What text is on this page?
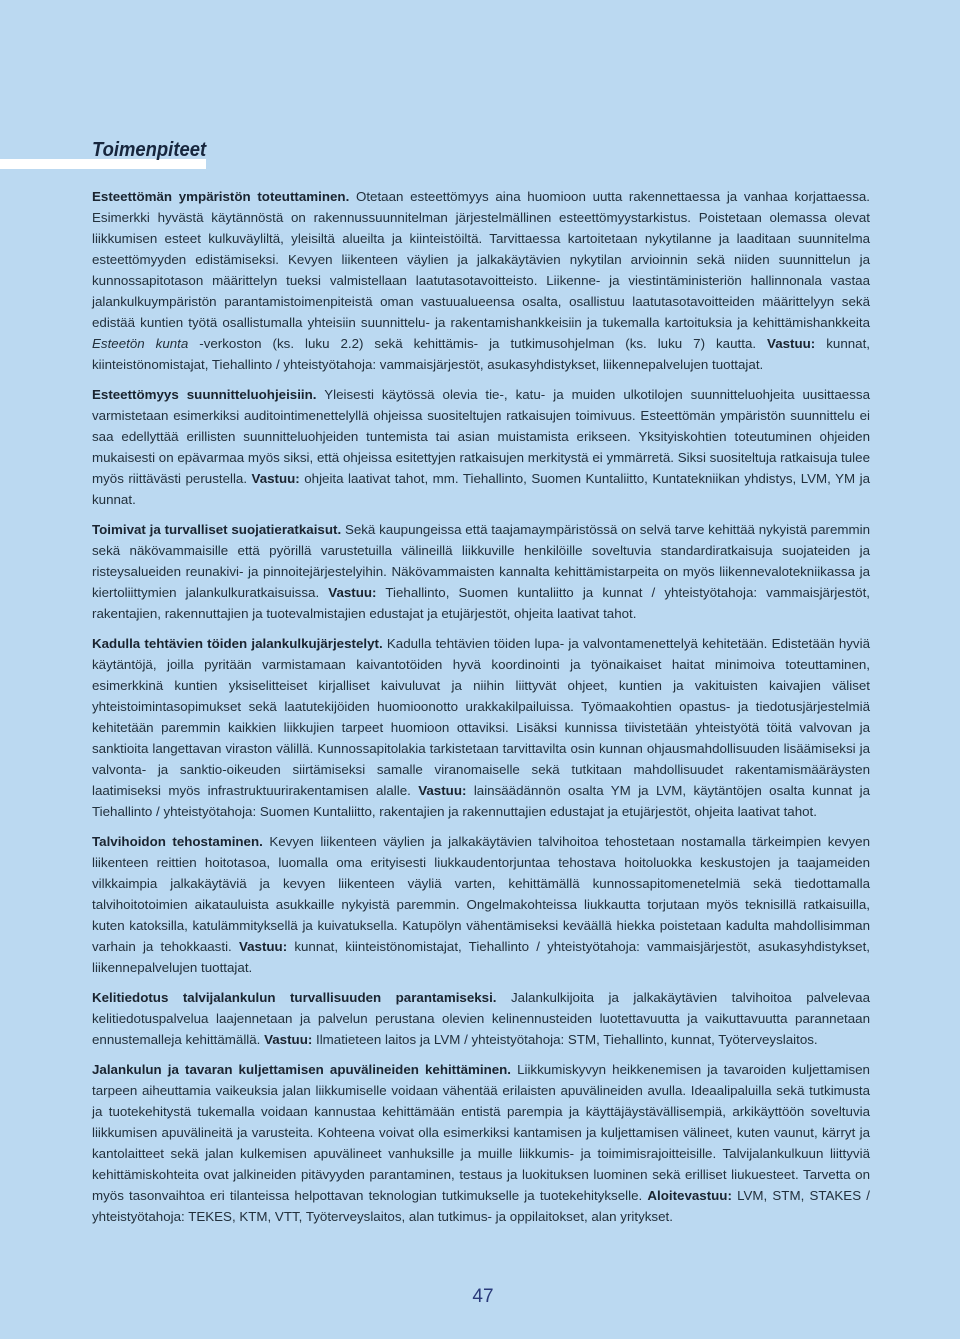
Toimenpiteet

Esteettömän ympäristön toteuttaminen. Otetaan esteettömyys aina huomioon uutta rakennettaessa ja vanhaa korjattaessa. Esimerkki hyvästä käytännöstä on rakennussuunnitelman järjestelmällinen esteettömyystarkistus. Poistetaan olemassa olevat liikkumisen esteet kulkuväyliltä, yleisiltä alueilta ja kiinteistöiltä. Tarvittaessa kartoitetaan nykytilanne ja laaditaan suunnitelma esteettömyyden edistämiseksi. Kevyen liikenteen väylien ja jalkakäytävien nykytilan arvioinnin sekä niiden suunnittelun ja kunnossapitotason määrittelyn tueksi valmistellaan laatutasotavoitteisto. Liikenne- ja viestintäministeriön hallinnonala vastaa jalankulkuympäristön parantamistoimenpiteistä oman vastuualueensa osalta, osallistuu laatutasotavoitteiden määrittelyyn sekä edistää kuntien työtä osallistumalla yhteisiin suunnittelu- ja rakentamishankkeisiin ja tukemalla kartoituksia ja kehittämishankkeita Esteetön kunta -verkoston (ks. luku 2.2) sekä kehittämis- ja tutkimusohjelman (ks. luku 7) kautta. Vastuu: kunnat, kiinteistönomistajat, Tiehallinto / yhteistyötahoja: vammaisjärjestöt, asukasyhdistykset, liikennepalvelujen tuottajat.

Esteettömyys suunnitteluohjeisiin. Yleisesti käytössä olevia tie-, katu- ja muiden ulkotilojen suunnitteluohjeita uusittaessa varmistetaan esimerkiksi auditointimenettelyllä ohjeissa suositeltujen ratkaisujen toimivuus. Esteettömän ympäristön suunnittelu ei saa edellyttää erillisten suunnitteluohjeiden tuntemista tai asian muistamista erikseen. Yksityiskohtien toteutuminen ohjeiden mukaisesti on epävarmaa myös siksi, että ohjeissa esitettyjen ratkaisujen merkitystä ei ymmärretä. Siksi suositeltuja ratkaisuja tulee myös riittävästi perustella. Vastuu: ohjeita laativat tahot, mm. Tiehallinto, Suomen Kuntaliitto, Kuntatekniikan yhdistys, LVM, YM ja kunnat.

Toimivat ja turvalliset suojatieratkaisut. Sekä kaupungeissa että taajamaympäristössä on selvä tarve kehittää nykyistä paremmin sekä näkövammaisille että pyörillä varustetuilla välineillä liikkuville henkilöille soveltuvia standardiratkaisuja suojateiden ja risteysalueiden reunakivi- ja pinnoitejärjestelyihin. Näkövammaisten kannalta kehittämistarpeita on myös liikennevalotekniikassa ja kiertoliittymien jalankulkuratkaisuissa. Vastuu: Tiehallinto, Suomen kuntaliitto ja kunnat / yhteistyötahoja: vammaisjärjestöt, rakentajien, rakennuttajien ja tuotevalmistajien edustajat ja etujärjestöt, ohjeita laativat tahot.

Kadulla tehtävien töiden jalankulkujärjestelyt. Kadulla tehtävien töiden lupa- ja valvontamenettelyä kehitetään. Edistetään hyviä käytäntöjä, joilla pyritään varmistamaan kaivantotöiden hyvä koordinointi ja työnaikaiset haitat minimoiva toteuttaminen, esimerkkinä kuntien yksiselitteiset kirjalliset kaivuluvat ja niihin liittyvät ohjeet, kuntien ja vakituisten kaivajien väliset yhteistoimintasopimukset sekä laatutekijöiden huomioonotto urakkakilpailuissa. Työmaakohtien opastus- ja tiedotusjärjestelmiä kehitetään paremmin kaikkien liikkujien tarpeet huomioon ottaviksi. Lisäksi kunnissa tiivistetään yhteistyötä töitä valvovan ja sanktioita langettavan viraston välillä. Kunnossapitolakia tarkistetaan tarvittavilta osin kunnan ohjausmahdollisuuden lisäämiseksi ja valvonta- ja sanktio-oikeuden siirtämiseksi samalle viranomaiselle sekä tutkitaan mahdollisuudet rakentamismääräysten laatimiseksi myös infrastruktuurirakentamisen alalle. Vastuu: lainsäädännön osalta YM ja LVM, käytäntöjen osalta kunnat ja Tiehallinto / yhteistyötahoja: Suomen Kuntaliitto, rakentajien ja rakennuttajien edustajat ja etujärjestöt, ohjeita laativat tahot.

Talvihoidon tehostaminen. Kevyen liikenteen väylien ja jalkakäytävien talvihoitoa tehostetaan nostamalla tärkeimpien kevyen liikenteen reittien hoitotasoa, luomalla oma erityisesti liukkaudentorjuntaa tehostava hoitoluokka keskustojen ja taajameiden vilkkaimpia jalkakäytäviä ja kevyen liikenteen väyliä varten, kehittämällä kunnossapitomenetelmiä sekä tiedottamalla talvihoitotoimien aikatauluista asukkaille nykyistä paremmin. Ongelmakohteissa liukkautta torjutaan myös teknisillä ratkaisuilla, kuten katoksilla, katulämmityksellä ja kuivatuksella. Katupölyn vähentämiseksi keväällä hiekka poistetaan kadulta mahdollisimman varhain ja tehokkaasti. Vastuu: kunnat, kiinteistönomistajat, Tiehallinto / yhteistyötahoja: vammaisjärjestöt, asukasyhdistykset, liikennepalvelujen tuottajat.

Kelitiedotus talvijalankulun turvallisuuden parantamiseksi. Jalankulkijoita ja jalkakäytävien talvihoitoa palvelevaa kelitiedotuspalvelua laajennetaan ja palvelun perustana olevien kelinennusteiden luotettavuutta ja vaikuttavuutta parannetaan ennustemalleja kehittämällä. Vastuu: Ilmatieteen laitos ja LVM / yhteistyötahoja: STM, Tiehallinto, kunnat, Työterveyslaitos.

Jalankulun ja tavaran kuljettamisen apuvälineiden kehittäminen. Liikkumiskyvyn heikkenemisen ja tavaroiden kuljettamisen tarpeen aiheuttamia vaikeuksia jalan liikkumiselle voidaan vähentää erilaisten apuvälineiden avulla. Ideaalipaluilla sekä tutkimusta ja tuotekehitystä tukemalla voidaan kannustaa kehittämään entistä parempia ja käyttäjäystävällisempiä, arkikäyttöön soveltuvia liikkumisen apuvälineitä ja varusteita. Kohteena voivat olla esimerkiksi kantamisen ja kuljettamisen välineet, kuten vaunut, kärryt ja kantolaitteet sekä jalan kulkemisen apuvälineet vanhuksille ja muille liikkumis- ja toimimisrajoitteisille. Talvijalankulkuun liittyviä kehittämiskohteita ovat jalkineiden pitävyyden parantaminen, testaus ja luokituksen luominen sekä erilliset liukuesteet. Tarvetta on myös tasonvaihtoa eri tilanteissa helpottavan teknologian tutkimukselle ja tuotekehitykselle. Aloitevastuu: LVM, STM, STAKES / yhteistyötahoja: TEKES, KTM, VTT, Työterveyslaitos, alan tutkimus- ja oppilaitokset, alan yritykset.

47
